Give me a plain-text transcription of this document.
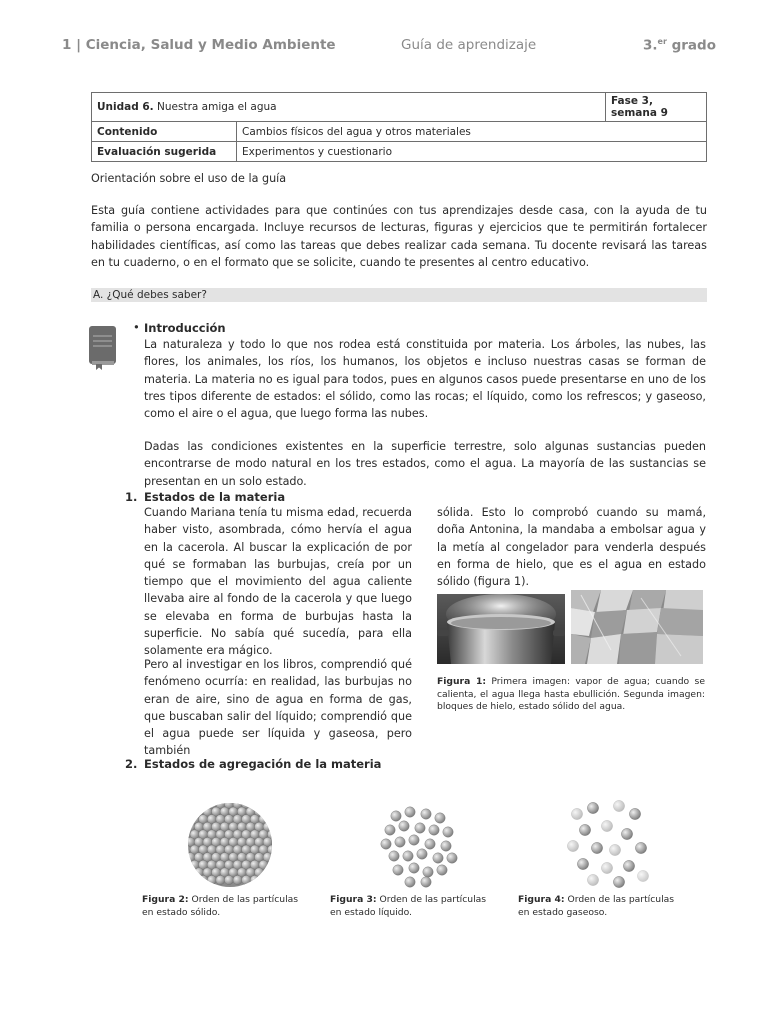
1 | Ciencia, Salud y Medio Ambiente	Guía de aprendizaje	3.$^{er}$ grado
Unidad 6. Nuestra amiga el agua		Fase 3, semana 9
Contenido	Cambios físicos del agua y otros materiales	
Evaluación sugerida	Experimentos y cuestionario	
Orientación sobre el uso de la guía
Esta guía contiene actividades para que continúes con tus aprendizajes desde casa, con la ayuda de tu familia o persona encargada. Incluye recursos de lecturas, figuras y ejercicios que te permitirán fortalecer habilidades científicas, así como las tareas que debes realizar cada semana. Tu docente revisará las tareas en tu cuaderno, o en el formato que se solicite, cuando te presentes al centro educativo.
A. ¿Qué debes saber?
• Introducción
La naturaleza y todo lo que nos rodea está constituida por materia. Los árboles, las nubes, las flores, los animales, los ríos, los humanos, los objetos e incluso nuestras casas se forman de materia. La materia no es igual para todos, pues en algunos casos puede presentarse en uno de los tres tipos diferente de estados: el sólido, como las rocas; el líquido, como los refrescos; y gaseoso, como el aire o el agua, que luego forma las nubes.
Dadas las condiciones existentes en la superficie terrestre, solo algunas sustancias pueden encontrarse de modo natural en los tres estados, como el agua. La mayoría de las sustancias se presentan en un solo estado.
1. Estados de la materia
Cuando Mariana tenía tu misma edad, recuerda haber visto, asombrada, cómo hervía el agua en la cacerola. Al buscar la explicación de por qué se formaban las burbujas, creía por un tiempo que el movimiento del agua caliente llevaba aire al fondo de la cacerola y que luego se elevaba en forma de burbujas hasta la superficie. No sabía qué sucedía, para ella solamente era mágico.
Pero al investigar en los libros, comprendió qué fenómeno ocurría: en realidad, las burbujas no eran de aire, sino de agua en forma de gas, que buscaban salir del líquido; comprendió que el agua puede ser líquida y gaseosa, pero también
sólida. Esto lo comprobó cuando su mamá, doña Antonina, la mandaba a embolsar agua y la metía al congelador para venderla después en forma de hielo, que es el agua en estado sólido (figura 1).
Figura 1: Primera imagen: vapor de agua; cuando se calienta, el agua llega hasta ebullición. Segunda imagen: bloques de hielo, estado sólido del agua.
2. Estados de agregación de la materia
Figura 2: Orden de las partículas en estado sólido.
Figura 3: Orden de las partículas en estado líquido.
Figura 4: Orden de las partículas en estado gaseoso.
